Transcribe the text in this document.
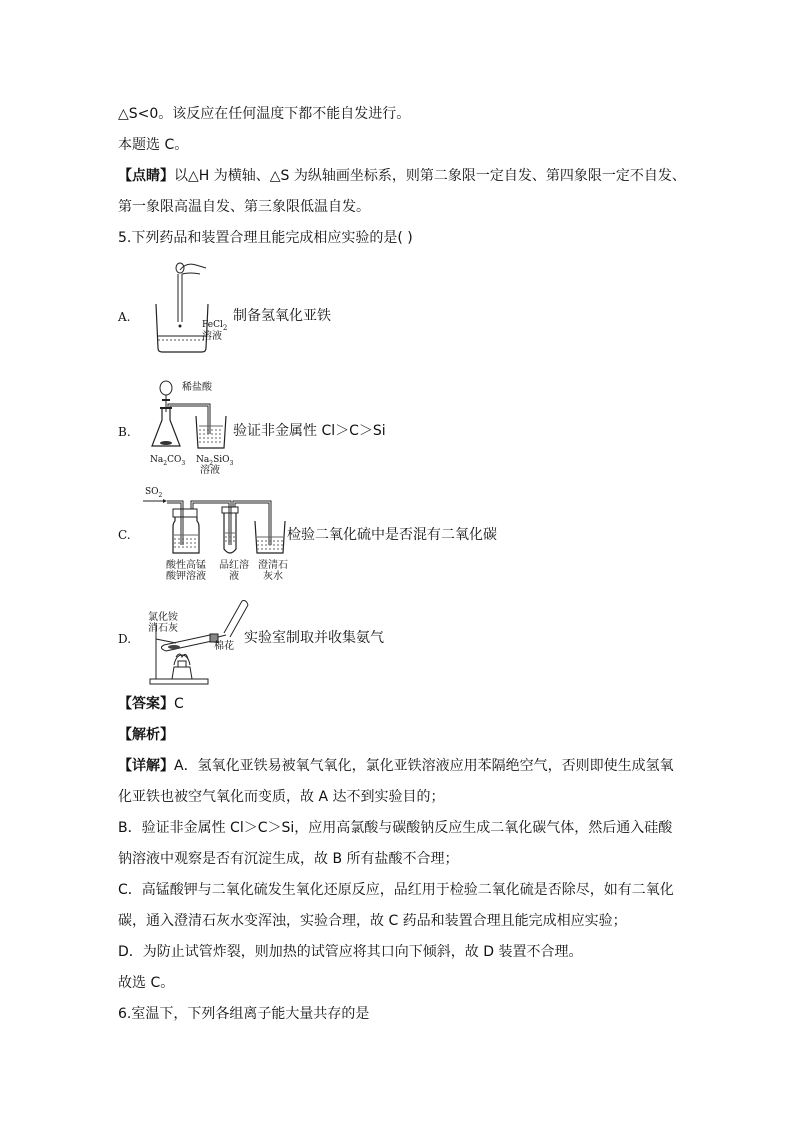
△S<0。该反应在任何温度下都不能自发进行。
本题选 C。
【点睛】以△H 为横轴、△S 为纵轴画坐标系，则第二象限一定自发、第四象限一定不自发、
第一象限高温自发、第三象限低温自发。
5.下列药品和装置合理且能完成相应实验的是( )
A.
FeCl$_2$
溶液
制备氢氧化亚铁
B.
稀盐酸
$Na_2CO_3$ $Na_2SiO_3$
溶液
验证非金属性 Cl＞C＞Si
C.
$SO_2$
酸性高锰
酸钾溶液
品红溶
液
澄清石
灰水
检验二氧化硫中是否混有二氧化碳
D.
氯化铵
消石灰
棉花
实验室制取并收集氨气
【答案】C
【解析】
【详解】A．氢氧化亚铁易被氧气氧化，氯化亚铁溶液应用苯隔绝空气，否则即使生成氢氧
化亚铁也被空气氧化而变质，故 A 达不到实验目的；
B．验证非金属性 Cl＞C＞Si，应用高氯酸与碳酸钠反应生成二氧化碳气体，然后通入硅酸
钠溶液中观察是否有沉淀生成，故 B 所有盐酸不合理；
C．高锰酸钾与二氧化硫发生氧化还原反应，品红用于检验二氧化硫是否除尽，如有二氧化
碳，通入澄清石灰水变浑浊，实验合理，故 C 药品和装置合理且能完成相应实验；
D．为防止试管炸裂，则加热的试管应将其口向下倾斜，故 D 装置不合理。
故选 C。
6.室温下，下列各组离子能大量共存的是
